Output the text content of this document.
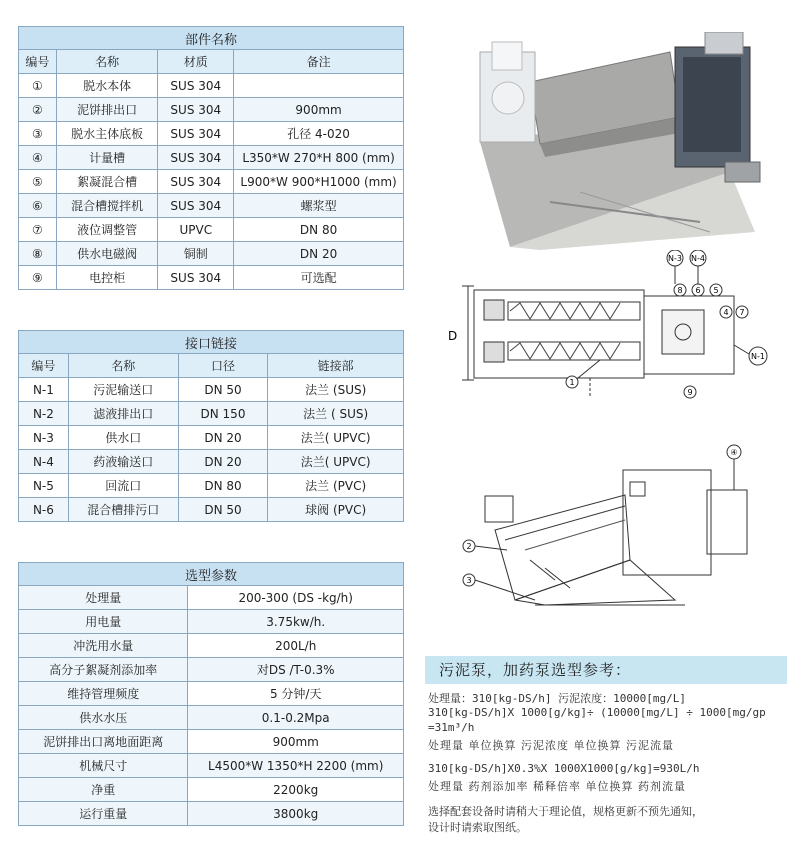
部件名称			
编号	名称	材质	备注
①	脱水本体	SUS 304	
②	泥饼排出口	SUS 304	900mm
③	脱水主体底板	SUS 304	孔径 4-020
④	计量槽	SUS 304	L350*W 270*H 800 (mm)
⑤	絮凝混合槽	SUS 304	L900*W 900*H1000 (mm)
⑥	混合槽搅拌机	SUS 304	螺浆型
⑦	液位调整管	UPVC	DN 80
⑧	供水电磁阀	铜制	DN 20
⑨	电控柜	SUS 304	可选配
接口链接			
编号	名称	口径	链接部
N-1	污泥输送口	DN 50	法兰 (SUS)
N-2	滤液排出口	DN 150	法兰 ( SUS)
N-3	供水口	DN 20	法兰( UPVC)
N-4	药液输送口	DN 20	法兰( UPVC)
N-5	回流口	DN 80	法兰 (PVC)
N-6	混合槽排污口	DN 50	球阀 (PVC)
选型参数	
处理量	200-300 (DS -kg/h)
用电量	3.75kw/h.
冲洗用水量	200L/h
高分子絮凝剂添加率	对DS /T-0.3%
维持管理频度	5 分钟/天
供水水压	0.1-0.2Mpa
泥饼排出口离地面距离	900mm
机械尺寸	L4500*W 1350*H 2200 (mm)
净重	2200kg
运行重量	3800kg
D
N-3 N-4
8 6 5
4 7
N-1
1
9
④
2
3
污泥泵，加药泵选型参考：
处理量：310[kg-DS/h] 污泥浓度：10000[mg/L]
310[kg-DS/h]X 1000[g/kg]÷ (10000[mg/L] ÷ 1000[mg/gp
=31m³/h
处理量 单位换算 污泥浓度 单位换算 污泥流量
310[kg-DS/h]X0.3%X 1000X1000[g/kg]=930L/h
处理量 药剂添加率 稀释倍率 单位换算 药剂流量
选择配套设备时请稍大于理论值，规格更新不预先通知，
设计时请索取图纸。
